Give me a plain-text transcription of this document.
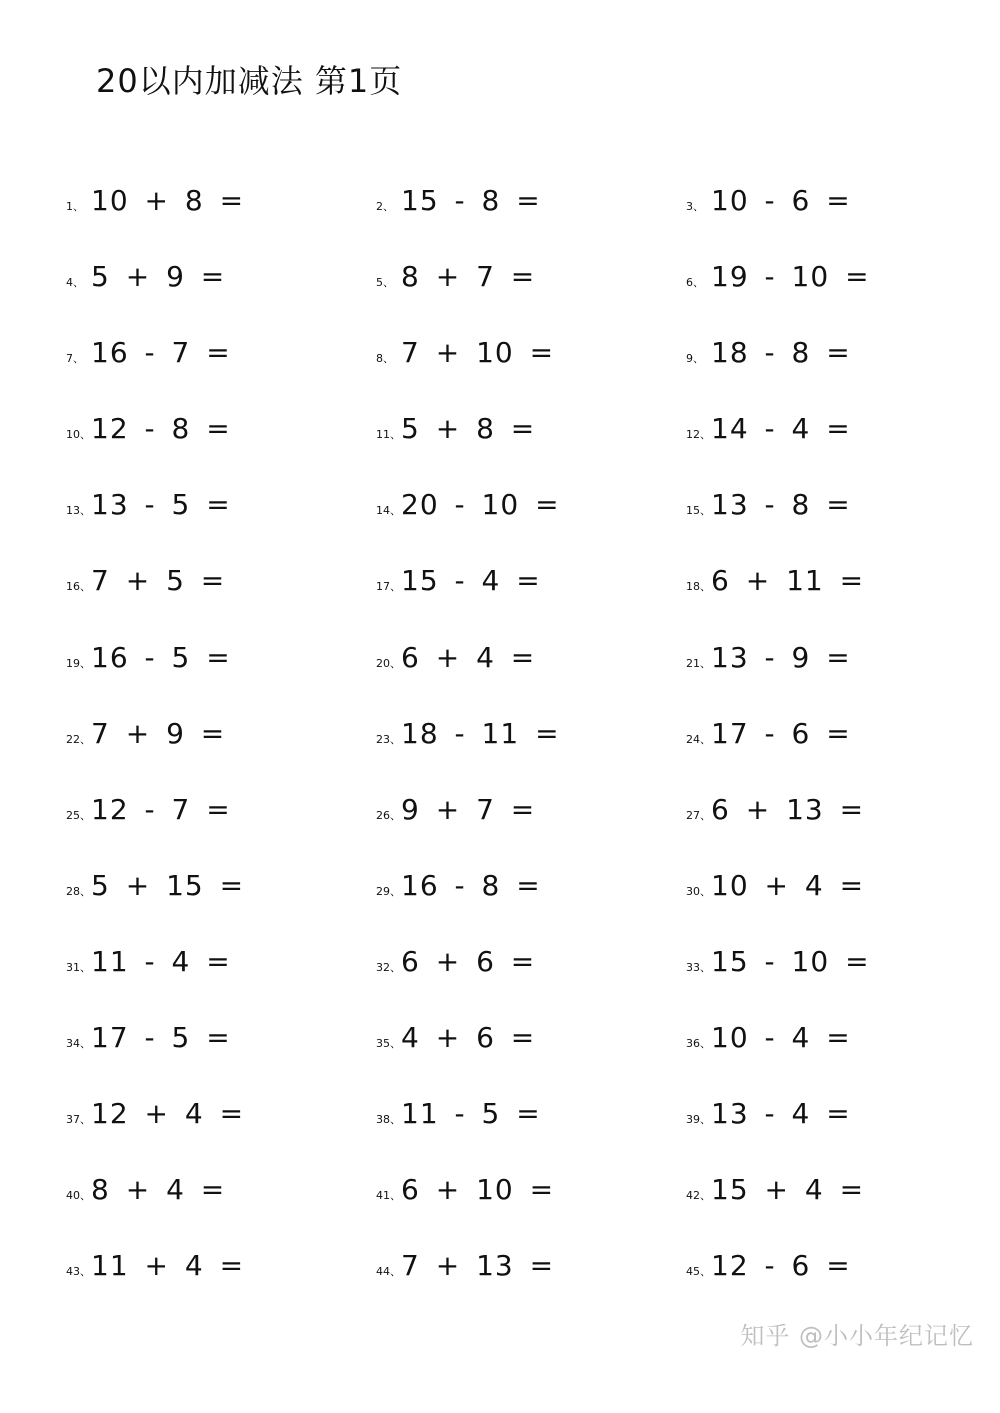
20以内加减法 第1页
1、 10 + 8 =	2、 15 - 8 =	3、 10 - 6 =
4、 5 + 9 =	5、 8 + 7 =	6、 19 - 10 =
7、 16 - 7 =	8、 7 + 10 =	9、 18 - 8 =
10、 12 - 8 =	11、 5 + 8 =	12、 14 - 4 =
13、 13 - 5 =	14、 20 - 10 =	15、 13 - 8 =
16、 7 + 5 =	17、 15 - 4 =	18、 6 + 11 =
19、 16 - 5 =	20、 6 + 4 =	21、 13 - 9 =
22、 7 + 9 =	23、 18 - 11 =	24、 17 - 6 =
25、 12 - 7 =	26、 9 + 7 =	27、 6 + 13 =
28、 5 + 15 =	29、 16 - 8 =	30、 10 + 4 =
31、 11 - 4 =	32、 6 + 6 =	33、 15 - 10 =
34、 17 - 5 =	35、 4 + 6 =	36、 10 - 4 =
37、 12 + 4 =	38、 11 - 5 =	39、 13 - 4 =
40、 8 + 4 =	41、 6 + 10 =	42、 15 + 4 =
43、 11 + 4 =	44、 7 + 13 =	45、 12 - 6 =
知乎 @小小年纪记忆
